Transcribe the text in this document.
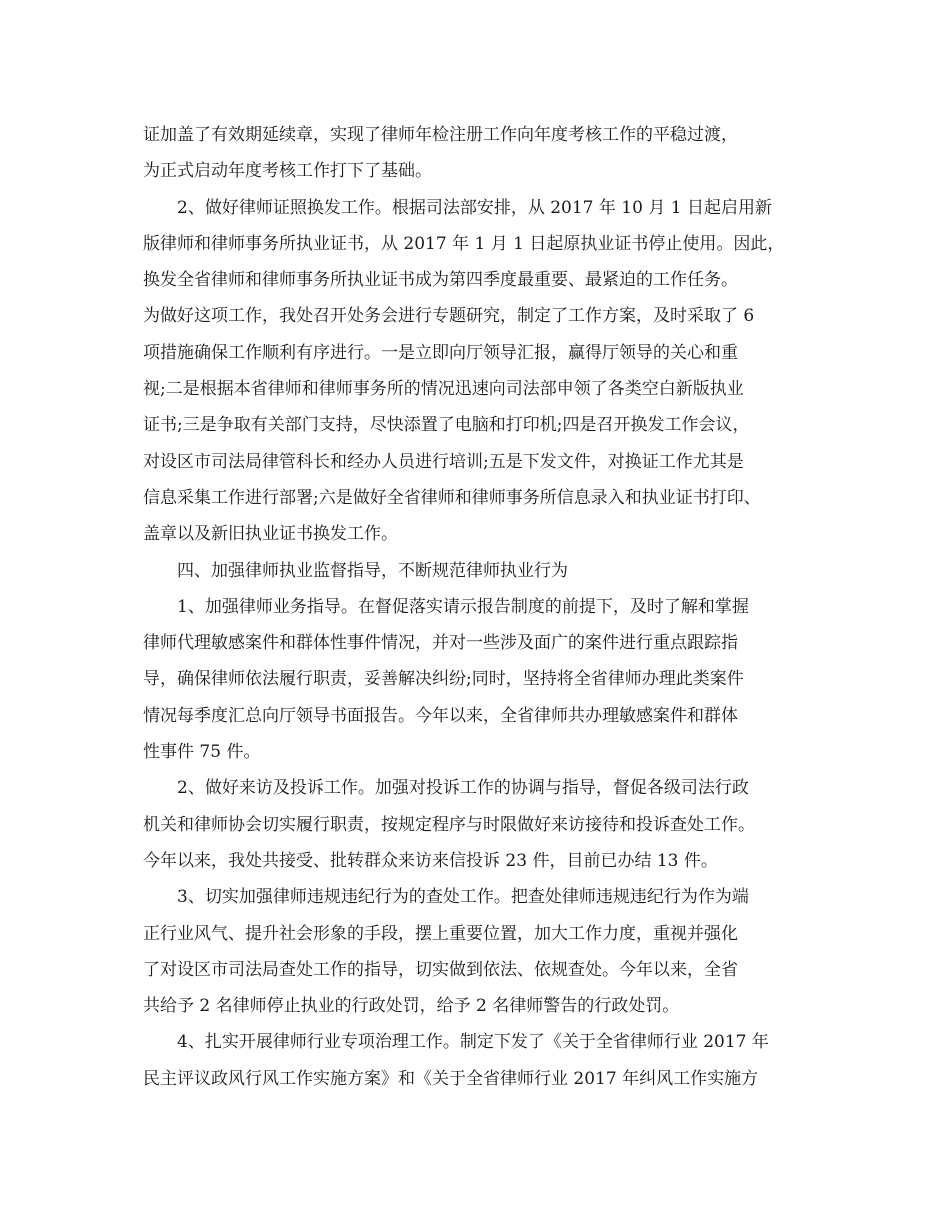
证加盖了有效期延续章，实现了律师年检注册工作向年度考核工作的平稳过渡，
为正式启动年度考核工作打下了基础。
2、做好律师证照换发工作。根据司法部安排，从 2017 年 10 月 1 日起启用新
版律师和律师事务所执业证书，从 2017 年 1 月 1 日起原执业证书停止使用。因此，
换发全省律师和律师事务所执业证书成为第四季度最重要、最紧迫的工作任务。
为做好这项工作，我处召开处务会进行专题研究，制定了工作方案，及时采取了 6
项措施确保工作顺利有序进行。一是立即向厅领导汇报，赢得厅领导的关心和重
视;二是根据本省律师和律师事务所的情况迅速向司法部申领了各类空白新版执业
证书;三是争取有关部门支持，尽快添置了电脑和打印机;四是召开换发工作会议，
对设区市司法局律管科长和经办人员进行培训;五是下发文件，对换证工作尤其是
信息采集工作进行部署;六是做好全省律师和律师事务所信息录入和执业证书打印、
盖章以及新旧执业证书换发工作。
四、加强律师执业监督指导，不断规范律师执业行为
1、加强律师业务指导。在督促落实请示报告制度的前提下，及时了解和掌握
律师代理敏感案件和群体性事件情况，并对一些涉及面广的案件进行重点跟踪指
导，确保律师依法履行职责，妥善解决纠纷;同时，坚持将全省律师办理此类案件
情况每季度汇总向厅领导书面报告。今年以来，全省律师共办理敏感案件和群体
性事件 75 件。
2、做好来访及投诉工作。加强对投诉工作的协调与指导，督促各级司法行政
机关和律师协会切实履行职责，按规定程序与时限做好来访接待和投诉查处工作。
今年以来，我处共接受、批转群众来访来信投诉 23 件，目前已办结 13 件。
3、切实加强律师违规违纪行为的查处工作。把查处律师违规违纪行为作为端
正行业风气、提升社会形象的手段，摆上重要位置，加大工作力度，重视并强化
了对设区市司法局查处工作的指导，切实做到依法、依规查处。今年以来，全省
共给予 2 名律师停止执业的行政处罚，给予 2 名律师警告的行政处罚。
4、扎实开展律师行业专项治理工作。制定下发了《关于全省律师行业 2017 年
民主评议政风行风工作实施方案》和《关于全省律师行业 2017 年纠风工作实施方
